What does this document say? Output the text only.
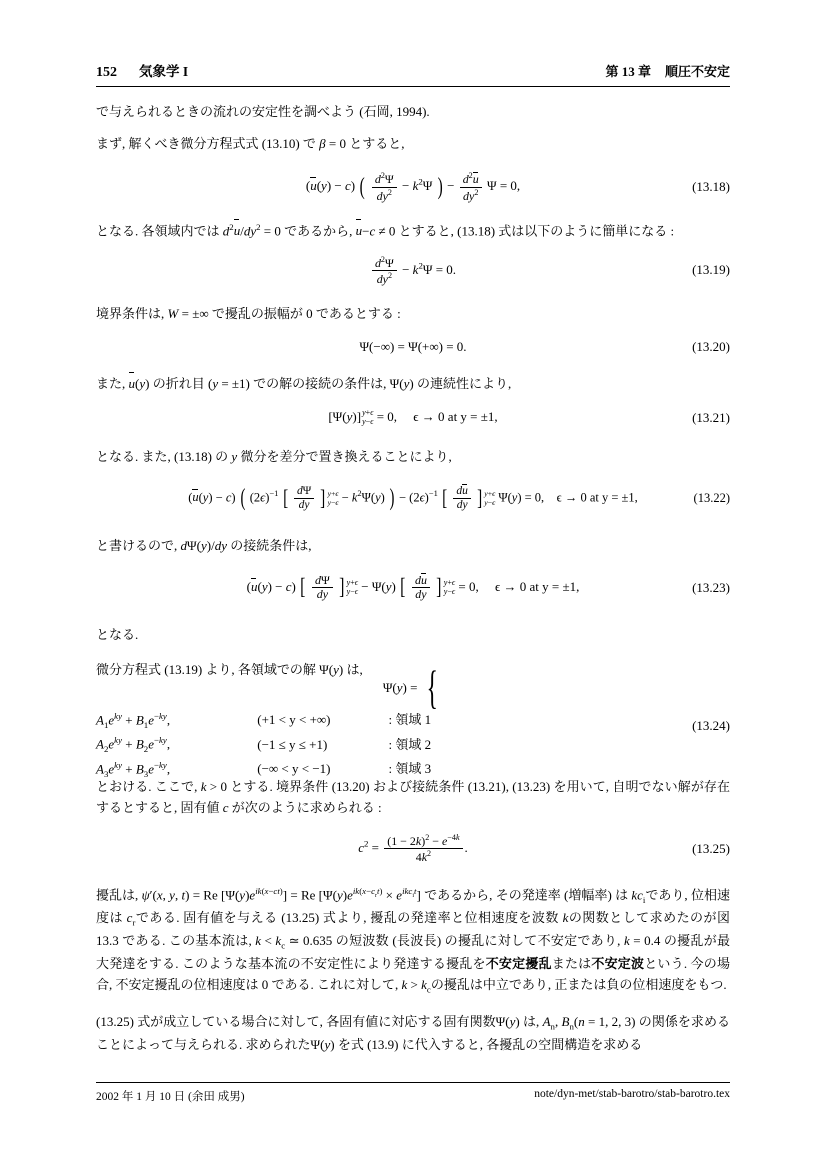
152 気象学 I	第 13 章 順圧不安定

で与えられるときの流れの安定性を調べよう (石岡, 1994).

まず, 解くべき微分方程式式 (13.10) で β = 0 とすると,

(u(y) − c) ( $\frac{d^2\Psi}{dy^2} - k^2\Psi$ ) − $\frac{d^2u}{dy^2}$ Ψ = 0,	(13.18)

となる. 各領域内では $d^2u/dy^2 = 0$ であるから, u−c ≠ 0 とすると, (13.18) 式は以下のように簡単になる :

$\frac{d^2\Psi}{dy^2} - k^2\Psi = 0$.	(13.19)

境界条件は, W = ±∞ で擾乱の振幅が 0 であるとする :

Ψ(−∞) = Ψ(+∞) = 0.	(13.20)

また, u(y) の折れ目 (y = ±1) での解の接続の条件は, Ψ(y) の連続性により,

[Ψ(y)] y+ϵ
y−ϵ = 0,     ϵ → 0 at y = ±1,	(13.21)

となる. また, (13.18) の y 微分を差分で置き換えることにより,

(u(y) − c) ( $(2\epsilon)^{-1}$ [ $\frac{d\Psi}{dy}$ ] y+ϵ
$y-\epsilon - k^2\Psi(y)$ ) − $(2\epsilon)^{-1}$ [ $\frac{du}{dy}$ ] y+ϵ
y−ϵ Ψ(y) = 0,    ϵ → 0 at y = ±1,	(13.22)

と書けるので, dΨ(y)/dy の接続条件は,

(u(y) − c) [ $\frac{d\Psi}{dy}$ ] y+ϵ
y−ϵ − Ψ(y) [ $\frac{du}{dy}$ ] y+ϵ
y−ϵ = 0,     ϵ → 0 at y = ±1,	(13.23)

となる.

微分方程式 (13.19) より, 各領域での解 Ψ(y) は,

Ψ(y) = { $A_1e^{ky} + B_1e^{-ky}$,	(+1 < y < +∞)	: 領域 1 $A_2e^{ky} + B_2e^{-ky}$,	(−1 ≤ y ≤ +1)	: 領域 2 $A_3e^{ky} + B_3e^{-ky}$,	(−∞ < y < −1)	: 領域 3
(13.24)

とおける. ここで, k > 0 とする. 境界条件 (13.20) および接続条件 (13.21), (13.23) を用いて, 自明でない解が存在するとすると, 固有値 c が次のように求められる :

$c^2 = \frac{(1 - 2k)^2 - e^{-4k}}{4k^2}$ .	(13.25)

擾乱は, ψ′(x, y, t) = Re $[\Psi(y)e^{ik(x-ct)}] = Re$ $[\Psi(y)e^{ik(x-c_rt)} \times e^{ikc_it}]$ であるから, その発達率 (増幅率) は $kc_i$であり, 位相速度は $c_r$である. 固有値を与える (13.25) 式より, 擾乱の発達率と位相速度を波数 kの関数として求めたのが図 13.3 である. この基本流は, $k < k_c$ ≃ 0.635 の短波数 (長波長) の擾乱に対して不安定であり, k = 0.4 の擾乱が最大発達をする. このような基本流の不安定性により発達する擾乱を不安定擾乱または不安定波という. 今の場合, 不安定擾乱の位相速度は 0 である. これに対して, $k > k_c$の擾乱は中立であり, 正または負の位相速度をもつ.

(13.25) 式が成立している場合に対して, 各固有値に対応する固有関数Ψ(y) は, $A_n$, $B_n(n = 1$, 2, 3) の関係を求めることによって与えられる. 求められたΨ(y) を式 (13.9) に代入すると, 各擾乱の空間構造を求める

2002 年 1 月 10 日 (余田 成男)	note/dyn-met/stab-barotro/stab-barotro.tex
